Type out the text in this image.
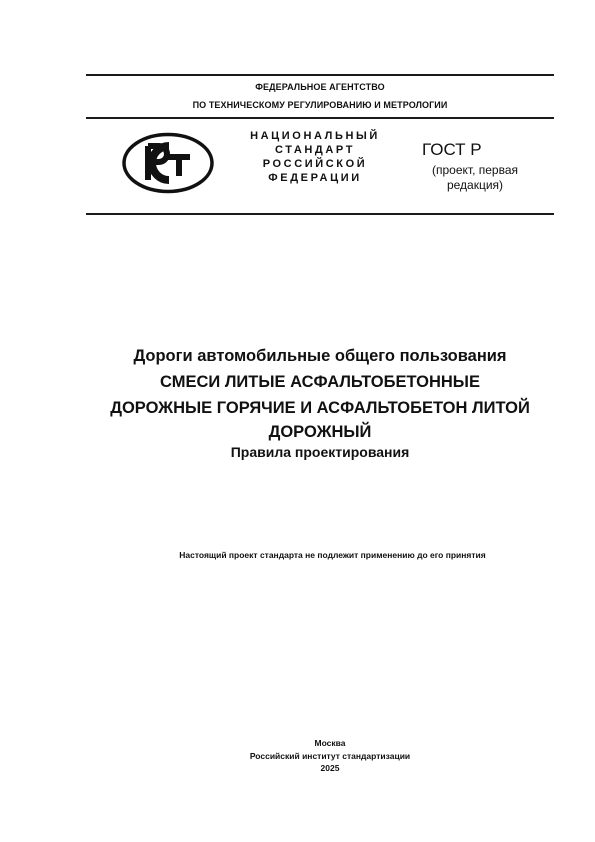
ФЕДЕРАЛЬНОЕ АГЕНТСТВО
ПО ТЕХНИЧЕСКОМУ РЕГУЛИРОВАНИЮ И МЕТРОЛОГИИ
НАЦИОНАЛЬНЫЙ
СТАНДАРТ
РОССИЙСКОЙ
ФЕДЕРАЦИИ
ГОСТ Р
(проект, первая
редакция)
Дороги автомобильные общего пользования
СМЕСИ ЛИТЫЕ АСФАЛЬТОБЕТОННЫЕ
ДОРОЖНЫЕ ГОРЯЧИЕ И АСФАЛЬТОБЕТОН ЛИТОЙ
ДОРОЖНЫЙ
Правила проектирования
Настоящий проект стандарта не подлежит применению до его принятия
Москва
Российский институт стандартизации
2025
